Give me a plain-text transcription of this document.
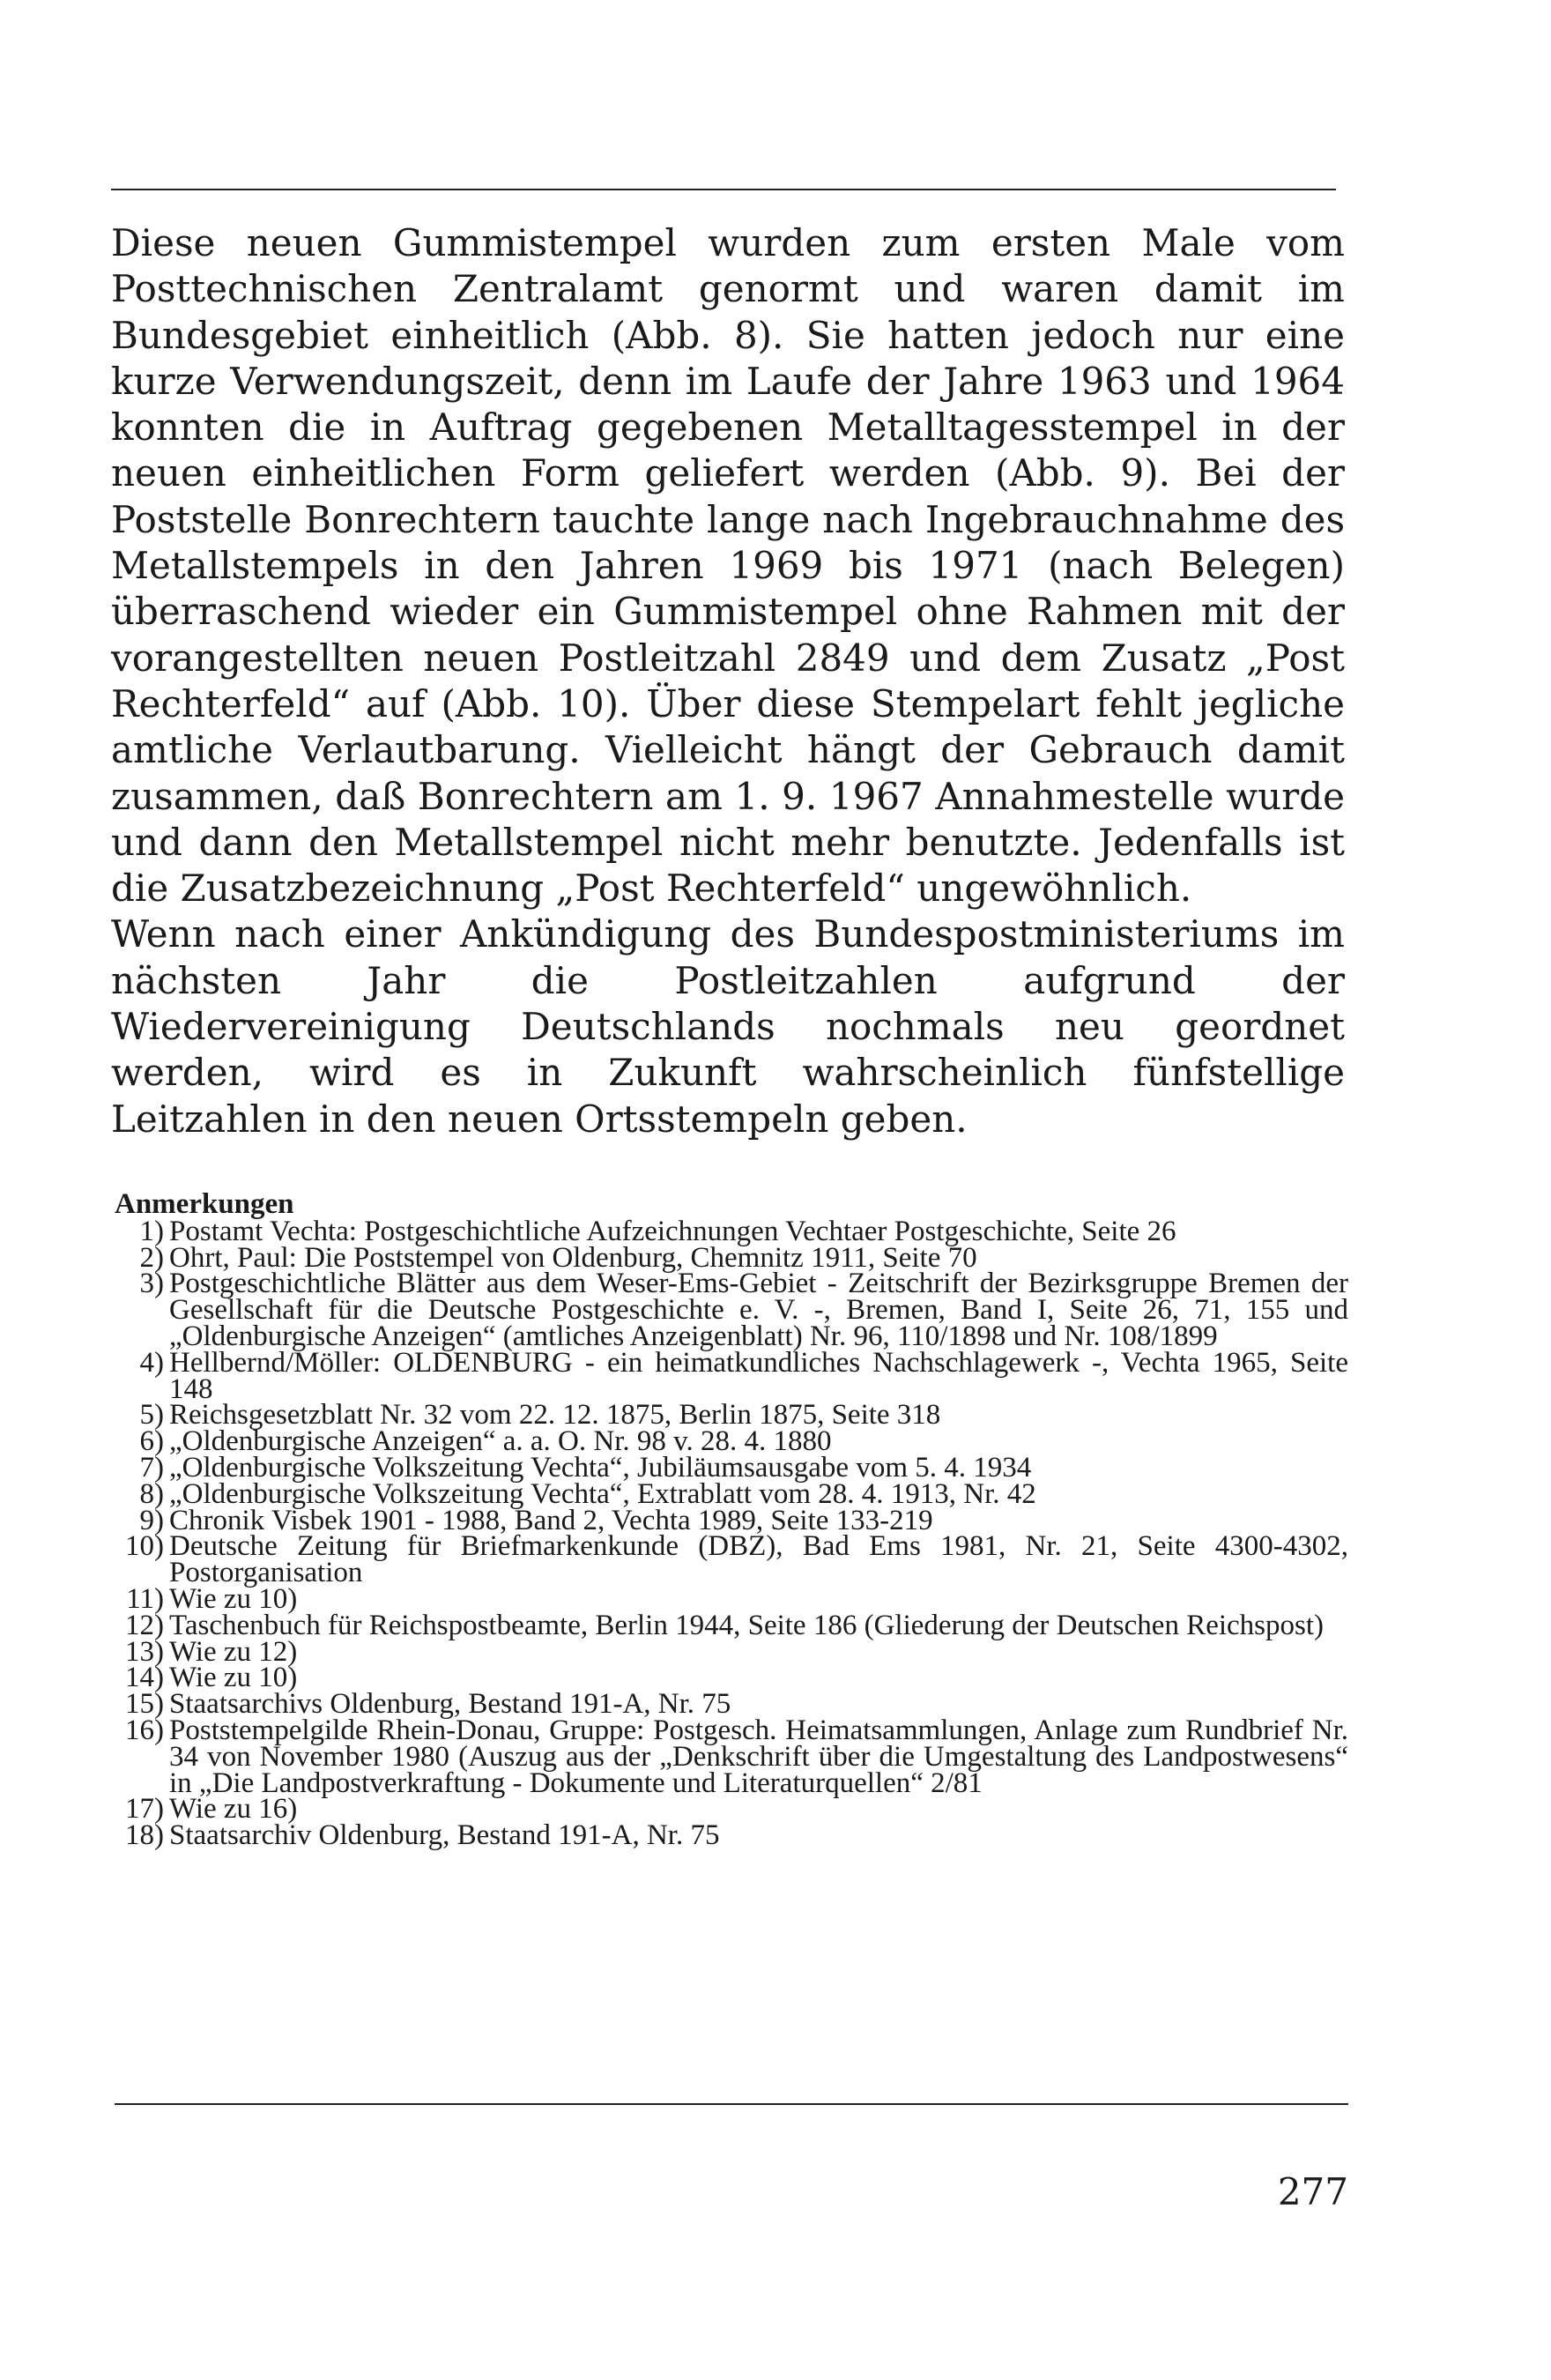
Diese neuen Gummistempel wurden zum ersten Male vom Posttechnischen Zentralamt genormt und waren damit im Bundesgebiet einheitlich (Abb. 8). Sie hatten jedoch nur eine kurze Verwendungszeit, denn im Laufe der Jahre 1963 und 1964 konnten die in Auftrag gegebenen Metalltagesstempel in der neuen einheitlichen Form geliefert werden (Abb. 9). Bei der Poststelle Bonrechtern tauchte lange nach Ingebrauchnahme des Metallstempels in den Jahren 1969 bis 1971 (nach Belegen) überraschend wieder ein Gummistempel ohne Rahmen mit der vorangestellten neuen Postleitzahl 2849 und dem Zusatz „Post Rechterfeld“ auf (Abb. 10). Über diese Stempelart fehlt jegliche amtliche Verlautbarung. Vielleicht hängt der Gebrauch damit zusammen, daß Bonrechtern am 1. 9. 1967 Annahmestelle wurde und dann den Metallstempel nicht mehr benutzte. Jedenfalls ist die Zusatzbezeichnung „Post Rechterfeld“ ungewöhnlich.

Wenn nach einer Ankündigung des Bundespostministeriums im nächsten Jahr die Postleitzahlen aufgrund der Wiedervereinigung Deutschlands nochmals neu geordnet werden, wird es in Zukunft wahrscheinlich fünfstellige Leitzahlen in den neuen Ortsstempeln geben.

Anmerkungen
1) Postamt Vechta: Postgeschichtliche Aufzeichnungen Vechtaer Postgeschichte, Seite 26
2) Ohrt, Paul: Die Poststempel von Oldenburg, Chemnitz 1911, Seite 70
3) Postgeschichtliche Blätter aus dem Weser-Ems-Gebiet - Zeitschrift der Bezirksgruppe Bremen der Gesellschaft für die Deutsche Postgeschichte e. V. -, Bremen, Band I, Seite 26, 71, 155 und „Oldenburgische Anzeigen“ (amtliches Anzeigenblatt) Nr. 96, 110/1898 und Nr. 108/1899
4) Hellbernd/Möller: OLDENBURG - ein heimatkundliches Nachschlagewerk -, Vechta 1965, Seite 148
5) Reichsgesetzblatt Nr. 32 vom 22. 12. 1875, Berlin 1875, Seite 318
6) „Oldenburgische Anzeigen“ a. a. O. Nr. 98 v. 28. 4. 1880
7) „Oldenburgische Volkszeitung Vechta“, Jubiläumsausgabe vom 5. 4. 1934
8) „Oldenburgische Volkszeitung Vechta“, Extrablatt vom 28. 4. 1913, Nr. 42
9) Chronik Visbek 1901 - 1988, Band 2, Vechta 1989, Seite 133-219
10) Deutsche Zeitung für Briefmarkenkunde (DBZ), Bad Ems 1981, Nr. 21, Seite 4300-4302, Postorganisation
11) Wie zu 10)
12) Taschenbuch für Reichspostbeamte, Berlin 1944, Seite 186 (Gliederung der Deutschen Reichspost)
13) Wie zu 12)
14) Wie zu 10)
15) Staatsarchivs Oldenburg, Bestand 191-A, Nr. 75
16) Poststempelgilde Rhein-Donau, Gruppe: Postgesch. Heimatsammlungen, Anlage zum Rundbrief Nr. 34 von November 1980 (Auszug aus der „Denkschrift über die Umgestaltung des Landpostwesens“ in „Die Landpostverkraftung - Dokumente und Literaturquellen“ 2/81
17) Wie zu 16)
18) Staatsarchiv Oldenburg, Bestand 191-A, Nr. 75
277
